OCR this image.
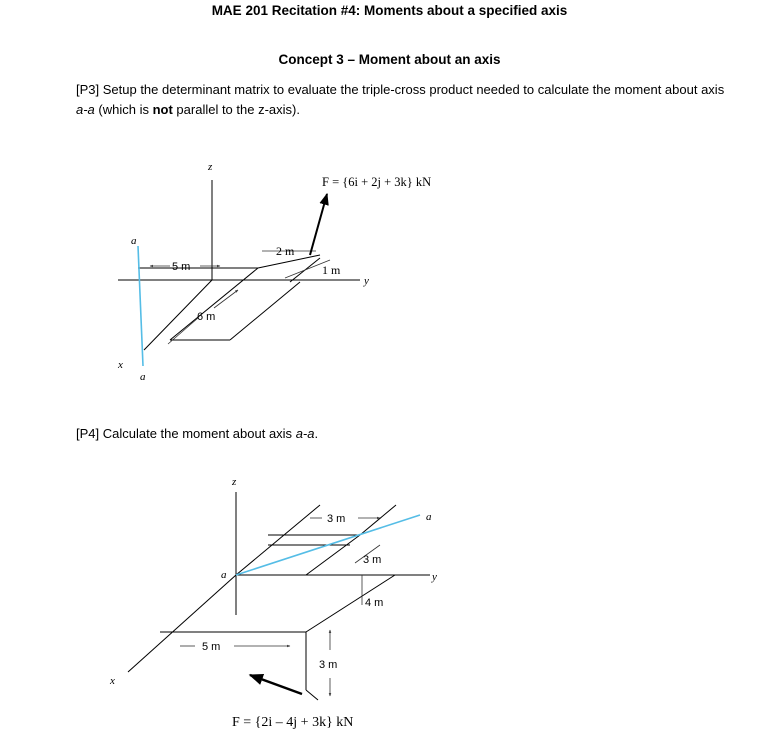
MAE 201 Recitation #4: Moments about a specified axis
Concept 3 – Moment about an axis
[P3] Setup the determinant matrix to evaluate the triple-cross product needed to calculate the moment about axis a-a (which is not parallel to the z-axis).
[P4] Calculate the moment about axis a-a.
F = {6i + 2j + 3k} kN
z
y
x
a
a
5 m
6 m
2 m
1 m
F = {2i – 4j + 3k} kN
z
y
x
a
a
3 m
3 m
4 m
5 m
3 m
